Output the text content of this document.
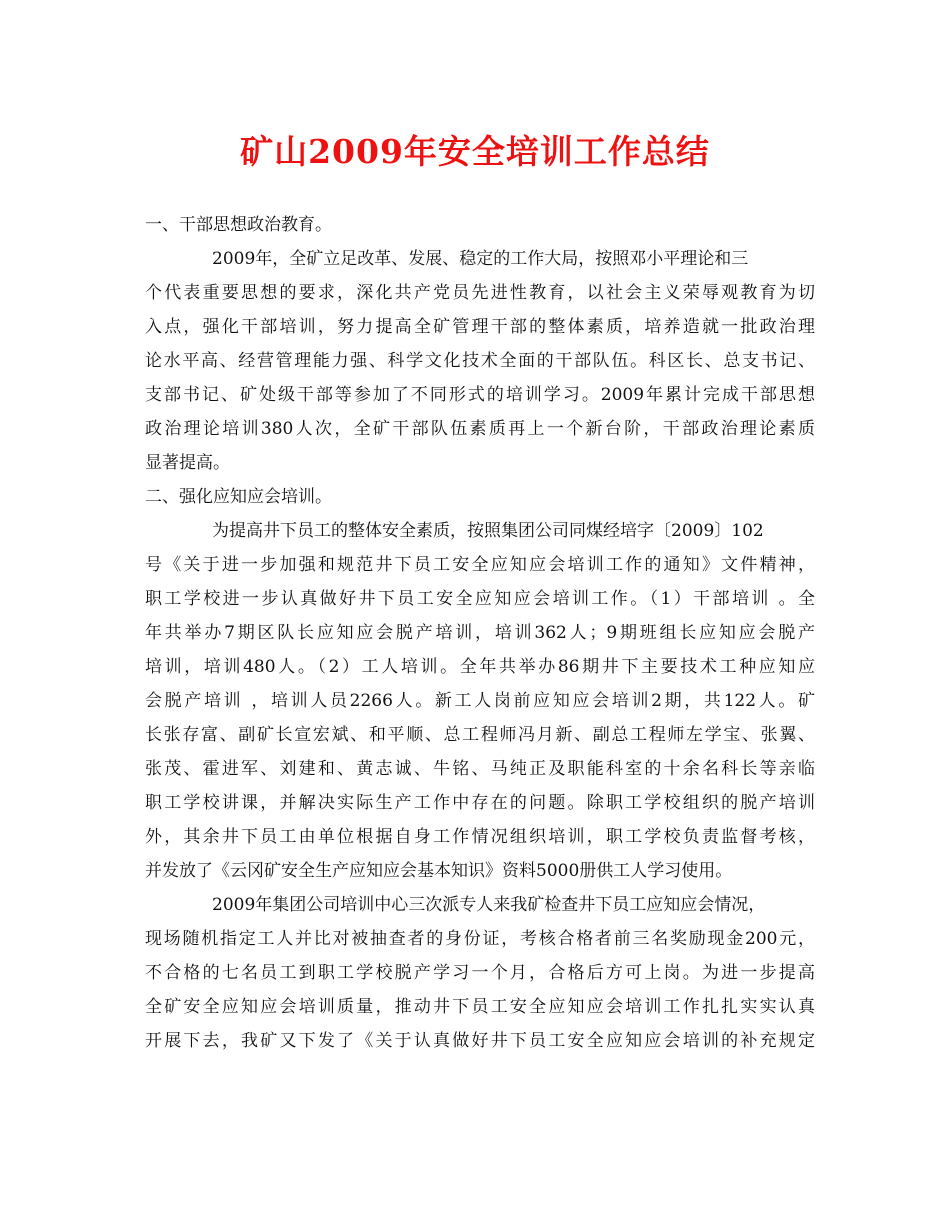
矿山2009年安全培训工作总结
一、干部思想政治教育。
2009年，全矿立足改革、发展、稳定的工作大局，按照邓小平理论和三
个代表重要思想的要求，深化共产党员先进性教育，以社会主义荣辱观教育为切
入点，强化干部培训，努力提高全矿管理干部的整体素质，培养造就一批政治理
论水平高、经营管理能力强、科学文化技术全面的干部队伍。科区长、总支书记、
支部书记、矿处级干部等参加了不同形式的培训学习。2009年累计完成干部思想
政治理论培训380人次，全矿干部队伍素质再上一个新台阶，干部政治理论素质
显著提高。
二、强化应知应会培训。
为提高井下员工的整体安全素质，按照集团公司同煤经培字〔2009〕102
号《关于进一步加强和规范井下员工安全应知应会培训工作的通知》文件精神，
职工学校进一步认真做好井下员工安全应知应会培训工作。（1）干部培训 。全
年共举办7期区队长应知应会脱产培训，培训362人；9期班组长应知应会脱产
培训，培训480人。（2）工人培训。全年共举办86期井下主要技术工种应知应
会脱产培训 ，培训人员2266人。新工人岗前应知应会培训2期，共122人。矿
长张存富、副矿长宣宏斌、和平顺、总工程师冯月新、副总工程师左学宝、张翼、
张茂、霍进军、刘建和、黄志诚、牛铭、马纯正及职能科室的十余名科长等亲临
职工学校讲课，并解决实际生产工作中存在的问题。除职工学校组织的脱产培训
外，其余井下员工由单位根据自身工作情况组织培训，职工学校负责监督考核，
并发放了《云冈矿安全生产应知应会基本知识》资料5000册供工人学习使用。
2009年集团公司培训中心三次派专人来我矿检查井下员工应知应会情况，
现场随机指定工人并比对被抽查者的身份证，考核合格者前三名奖励现金200元，
不合格的七名员工到职工学校脱产学习一个月，合格后方可上岗。为进一步提高
全矿安全应知应会培训质量，推动井下员工安全应知应会培训工作扎扎实实认真
开展下去，我矿又下发了《关于认真做好井下员工安全应知应会培训的补充规定
